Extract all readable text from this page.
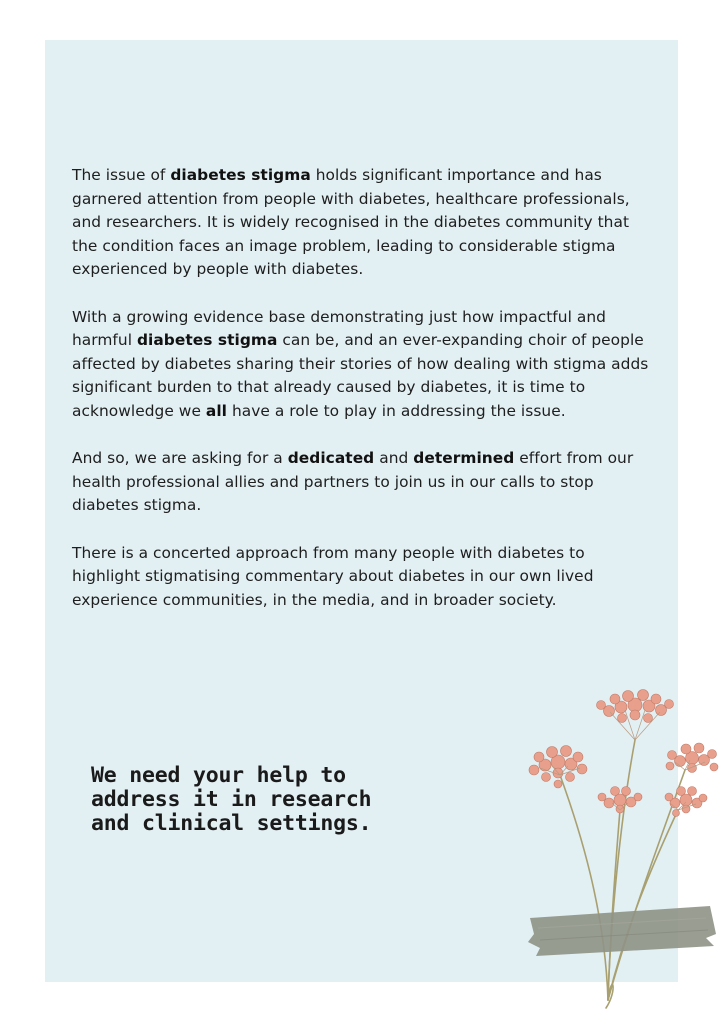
The issue of diabetes stigma holds significant importance and has garnered attention from people with diabetes, healthcare professionals, and researchers. It is widely recognised in the diabetes community that the condition faces an image problem, leading to considerable stigma experienced by people with diabetes.

With a growing evidence base demonstrating just how impactful and harmful diabetes stigma can be, and an ever-expanding choir of people affected by diabetes sharing their stories of how dealing with stigma adds significant burden to that already caused by diabetes, it is time to acknowledge we all have a role to play in addressing the issue.

And so, we are asking for a dedicated and determined effort from our health professional allies and partners to join us in our calls to stop diabetes stigma.

There is a concerted approach from many people with diabetes to highlight stigmatising commentary about diabetes in our own lived experience communities, in the media, and in broader society.

We need your help to
address it in research
and clinical settings.
